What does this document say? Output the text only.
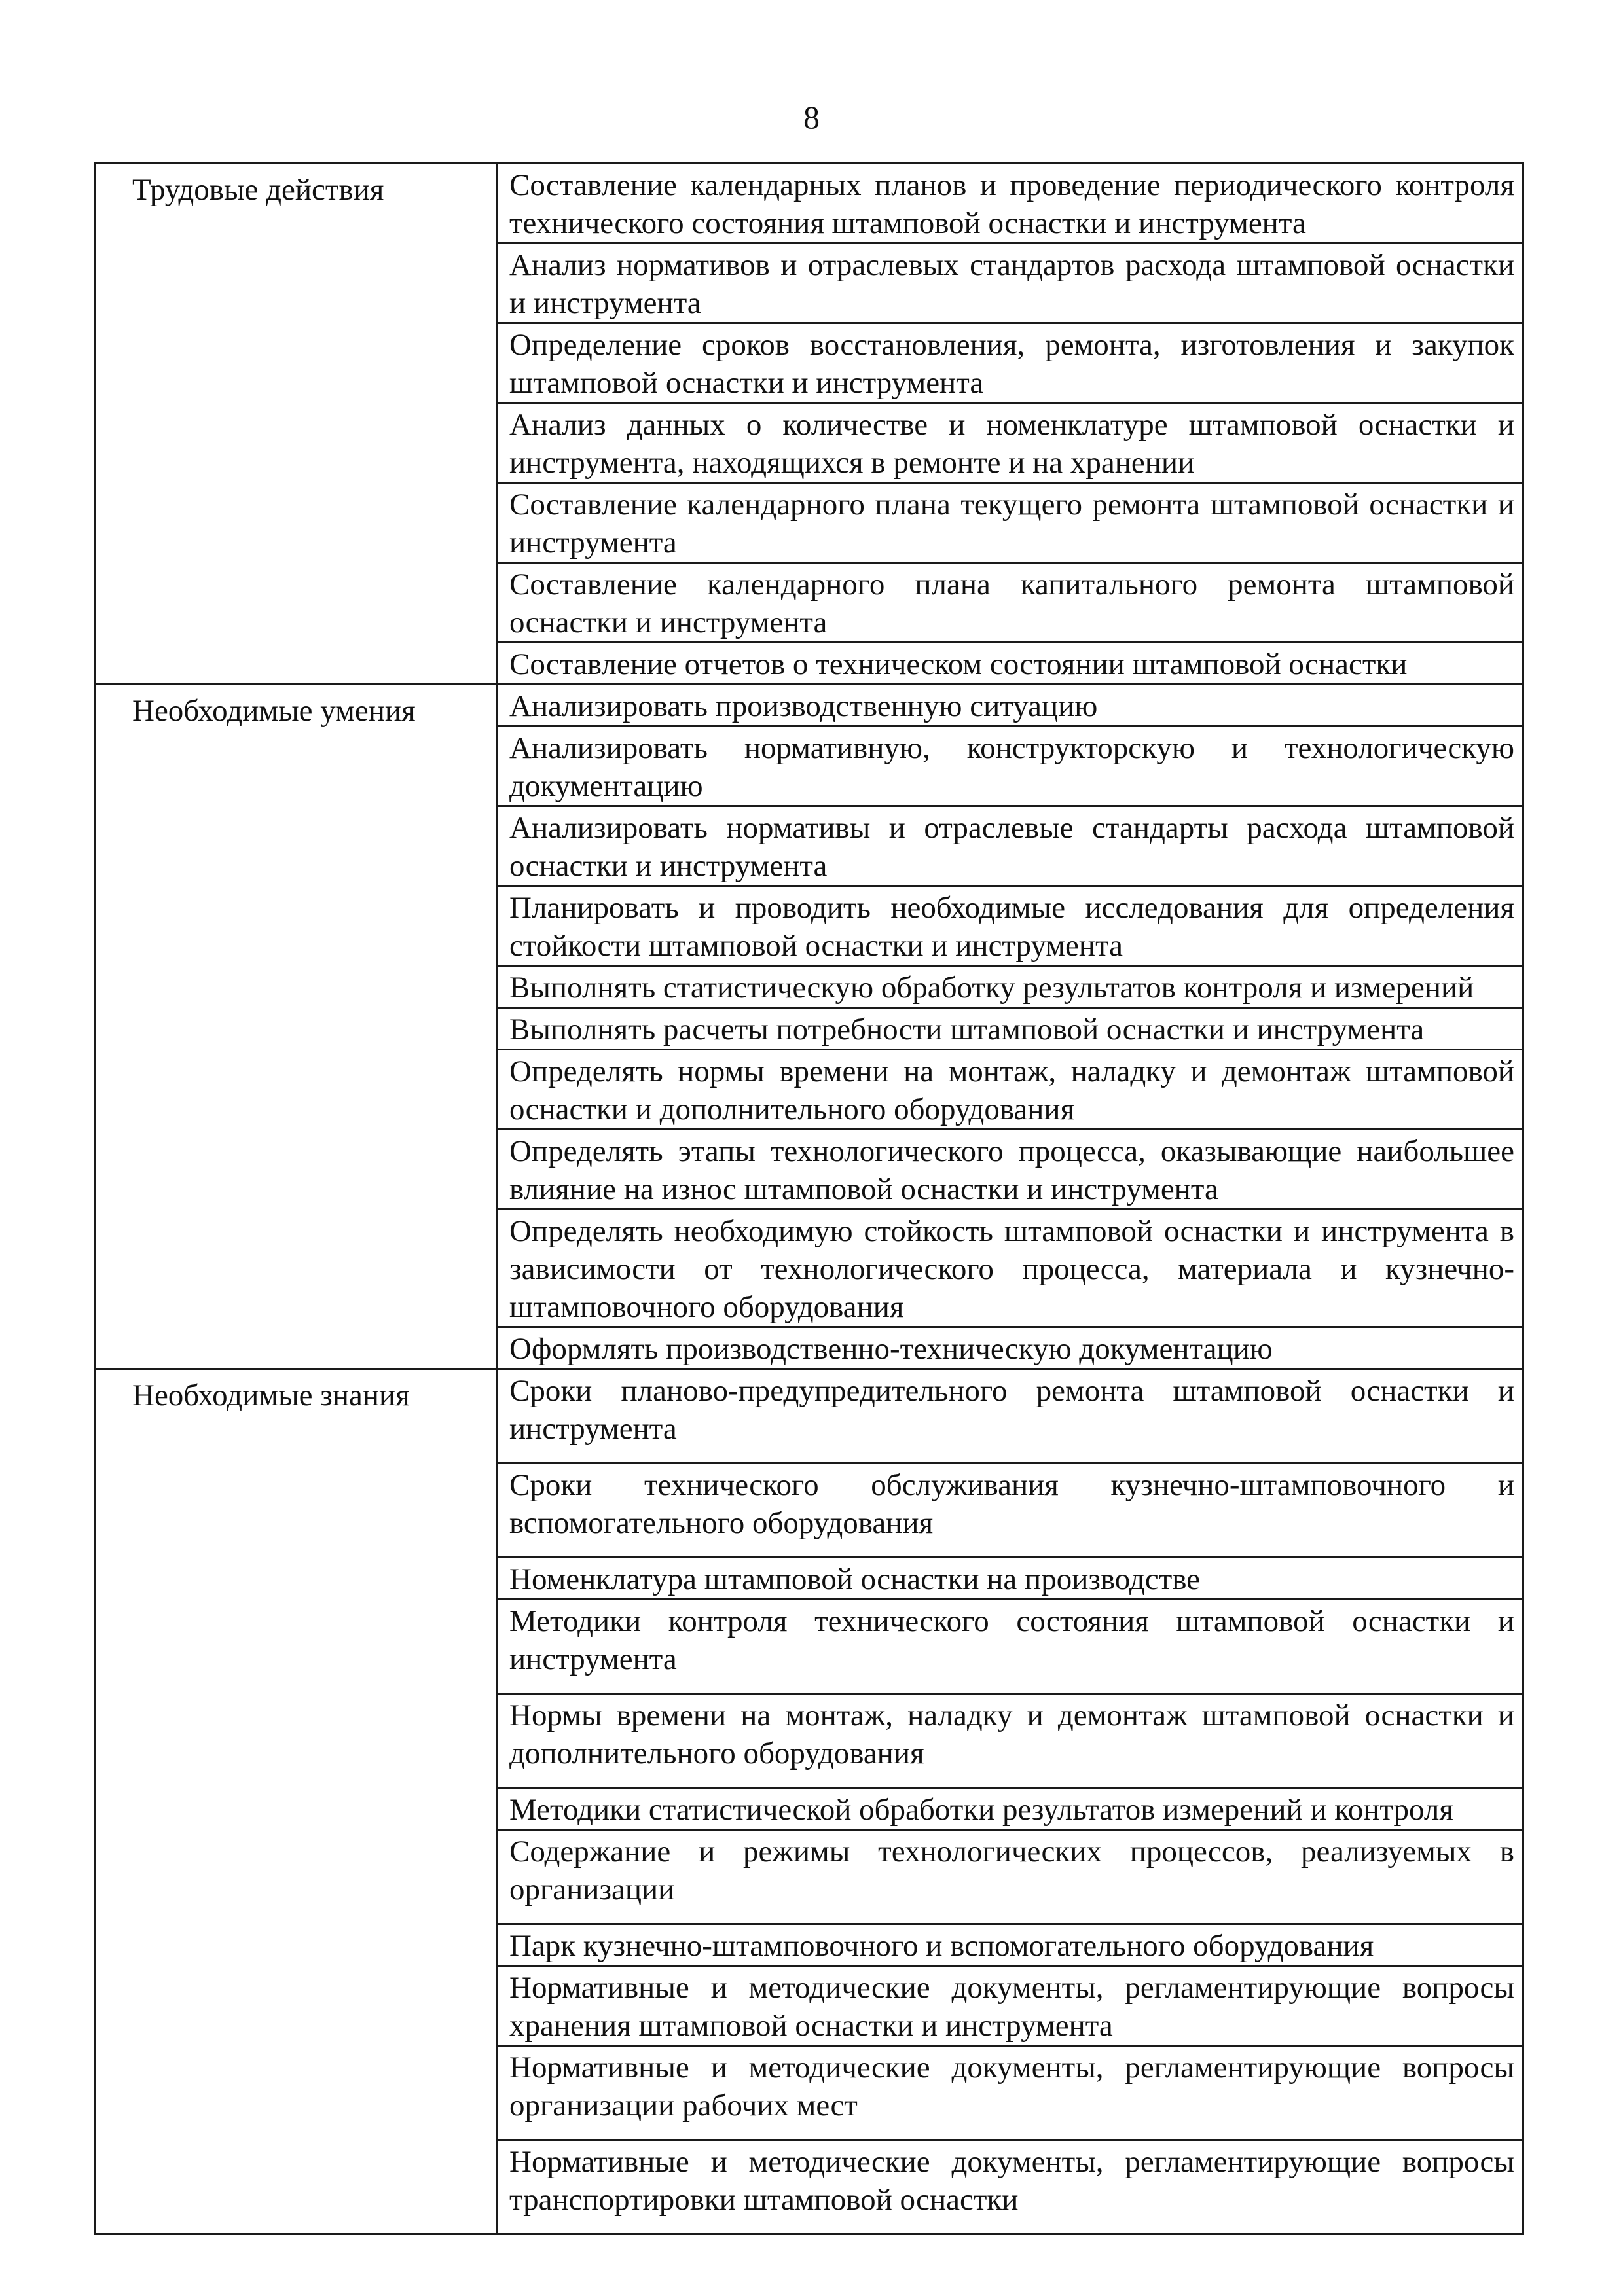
8
Трудовые действия	Составление календарных планов и проведение периодического контроля технического состояния штамповой оснастки и инструмента
	Анализ нормативов и отраслевых стандартов расхода штамповой оснастки и инструмента
	Определение сроков восстановления, ремонта, изготовления и закупок штамповой оснастки и инструмента
	Анализ данных о количестве и номенклатуре штамповой оснастки и инструмента, находящихся в ремонте и на хранении
	Составление календарного плана текущего ремонта штамповой оснастки и инструмента
	Составление календарного плана капитального ремонта штамповой оснастки и инструмента
	Составление отчетов о техническом состоянии штамповой оснастки
Необходимые умения	Анализировать производственную ситуацию
	Анализировать нормативную, конструкторскую и технологическую документацию
	Анализировать нормативы и отраслевые стандарты расхода штамповой оснастки и инструмента
	Планировать и проводить необходимые исследования для определения стойкости штамповой оснастки и инструмента
	Выполнять статистическую обработку результатов контроля и измерений
	Выполнять расчеты потребности штамповой оснастки и инструмента
	Определять нормы времени на монтаж, наладку и демонтаж штамповой оснастки и дополнительного оборудования
	Определять этапы технологического процесса, оказывающие наибольшее влияние на износ штамповой оснастки и инструмента
	Определять необходимую стойкость штамповой оснастки и инструмента в зависимости от технологического процесса, материала и кузнечно-штамповочного оборудования
	Оформлять производственно-техническую документацию
Необходимые знания	Сроки планово-предупредительного ремонта штамповой оснастки и инструмента
	Сроки технического обслуживания кузнечно-штамповочного и вспомогательного оборудования
	Номенклатура штамповой оснастки на производстве
	Методики контроля технического состояния штамповой оснастки и инструмента
	Нормы времени на монтаж, наладку и демонтаж штамповой оснастки и дополнительного оборудования
	Методики статистической обработки результатов измерений и контроля
	Содержание и режимы технологических процессов, реализуемых в организации
	Парк кузнечно-штамповочного и вспомогательного оборудования
	Нормативные и методические документы, регламентирующие вопросы хранения штамповой оснастки и инструмента
	Нормативные и методические документы, регламентирующие вопросы организации рабочих мест
	Нормативные и методические документы, регламентирующие вопросы транспортировки штамповой оснастки
